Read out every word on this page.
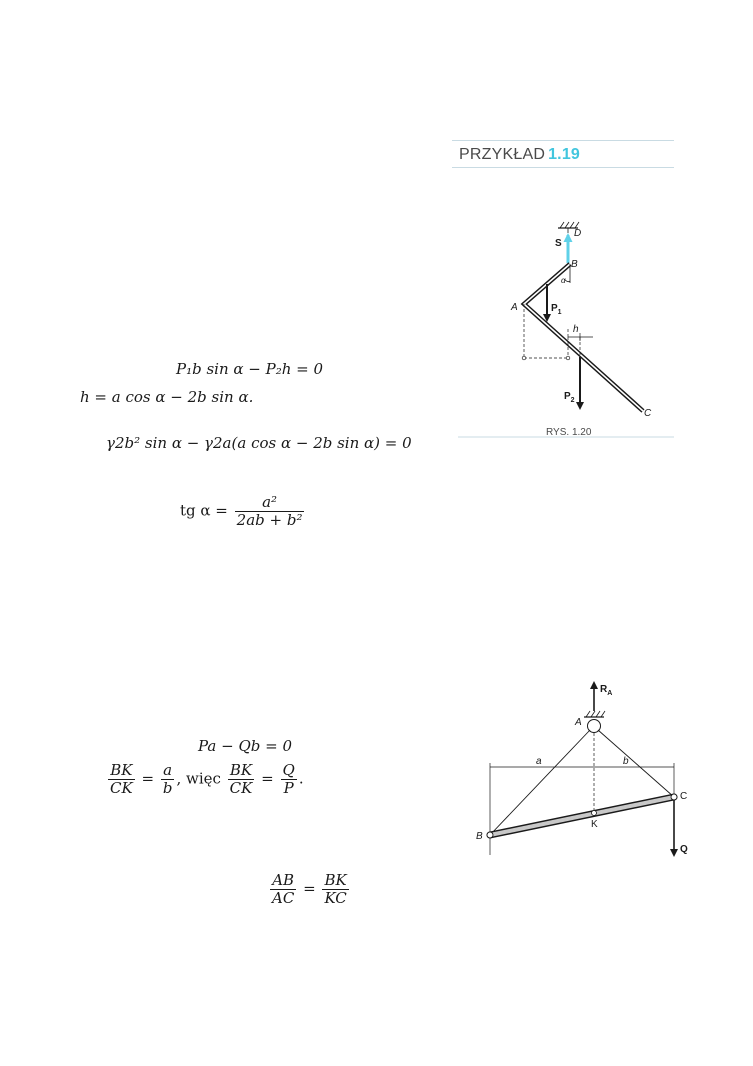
PRZYKŁAD 1.19
S
D
B
α
A	$P_1$
h
$P_2$
C
RYS. 1.20
P₁b sin α − P₂h = 0
h = a cos α − 2b sin α.
γ2b² sin α − γ2a(a cos α − 2b sin α) = 0
tg $\alpha = \frac{\text{a²}}{\text{2ab + b²}}$
$R_A$
A
a	b
C
B
K
Q
Pa − Qb = 0
$\frac{BK}{CK} = \frac{a}{b}$ , więc $\frac{BK}{CK} = \frac{Q}{P}$ .
$\frac{AB}{AC} = \frac{BK}{KC}$
